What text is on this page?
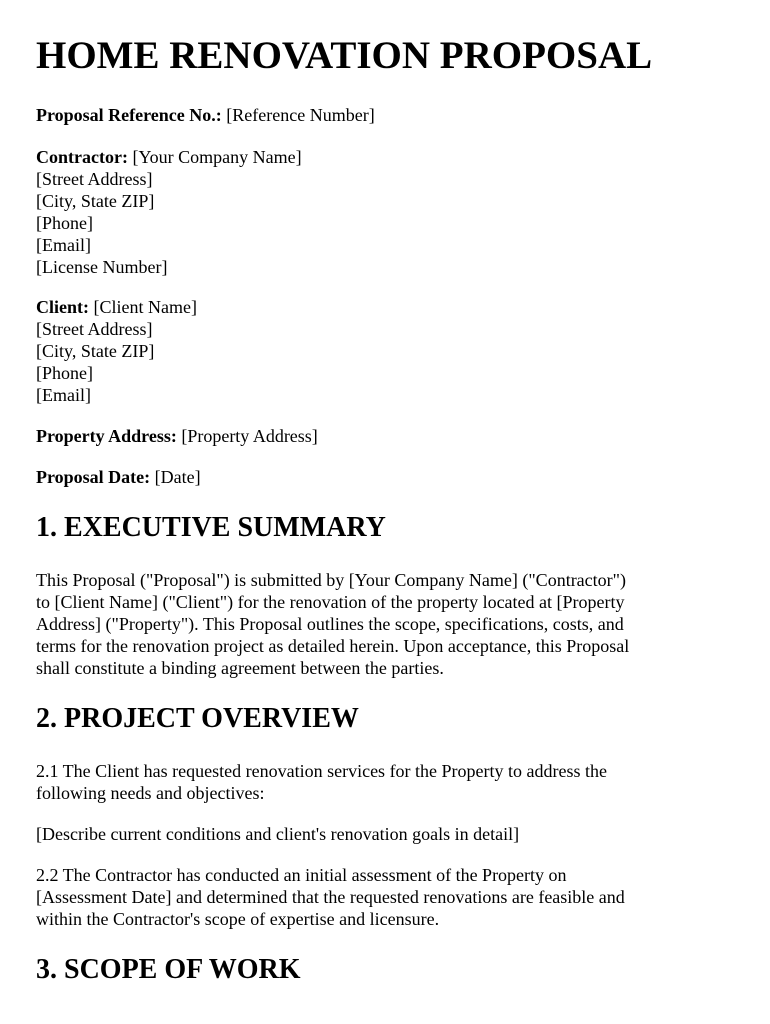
HOME RENOVATION PROPOSAL
Proposal Reference No.: [Reference Number]
Contractor: [Your Company Name]
[Street Address]
[City, State ZIP]
[Phone]
[Email]
[License Number]
Client: [Client Name]
[Street Address]
[City, State ZIP]
[Phone]
[Email]
Property Address: [Property Address]
Proposal Date: [Date]
1. EXECUTIVE SUMMARY
This Proposal ("Proposal") is submitted by [Your Company Name] ("Contractor")
to [Client Name] ("Client") for the renovation of the property located at [Property
Address] ("Property"). This Proposal outlines the scope, specifications, costs, and
terms for the renovation project as detailed herein. Upon acceptance, this Proposal
shall constitute a binding agreement between the parties.
2. PROJECT OVERVIEW
2.1 The Client has requested renovation services for the Property to address the
following needs and objectives:
[Describe current conditions and client's renovation goals in detail]
2.2 The Contractor has conducted an initial assessment of the Property on
[Assessment Date] and determined that the requested renovations are feasible and
within the Contractor's scope of expertise and licensure.
3. SCOPE OF WORK
